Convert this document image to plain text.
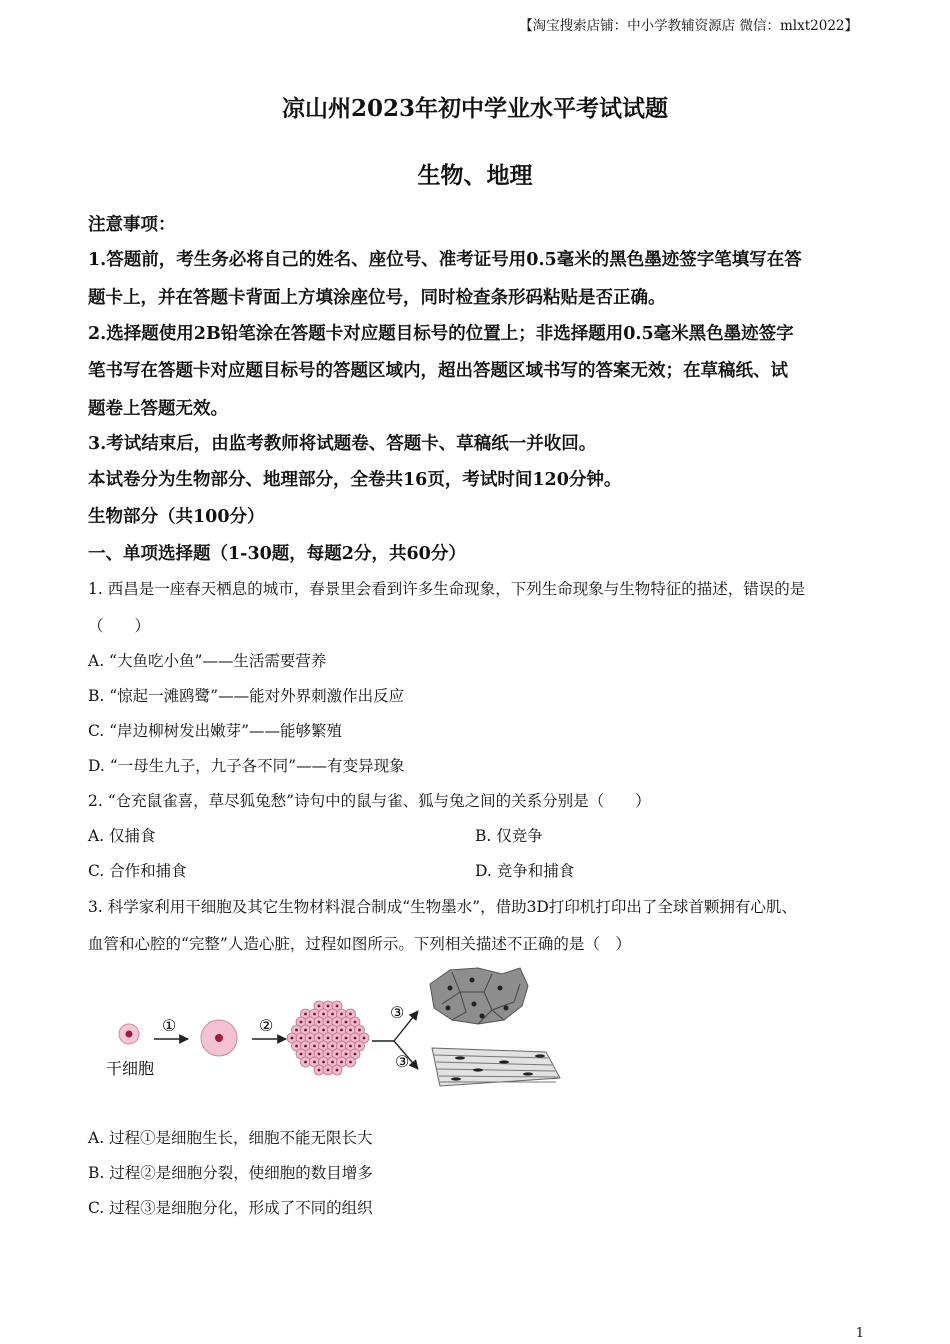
【淘宝搜索店铺：中小学教辅资源店 微信：mlxt2022】
凉山州2023年初中学业水平考试试题
生物、地理
注意事项：
1.答题前，考生务必将自己的姓名、座位号、准考证号用0.5毫米的黑色墨迹签字笔填写在答
题卡上，并在答题卡背面上方填涂座位号，同时检查条形码粘贴是否正确。
2.选择题使用2B铅笔涂在答题卡对应题目标号的位置上；非选择题用0.5毫米黑色墨迹签字
笔书写在答题卡对应题目标号的答题区域内，超出答题区域书写的答案无效；在草稿纸、试
题卷上答题无效。
3.考试结束后，由监考教师将试题卷、答题卡、草稿纸一并收回。
本试卷分为生物部分、地理部分，全卷共16页，考试时间120分钟。
生物部分（共100分）
一、单项选择题（1-30题，每题2分，共60分）
1. 西昌是一座春天栖息的城市，春景里会看到许多生命现象，下列生命现象与生物特征的描述，错误的是
（　　）
A. “大鱼吃小鱼”——生活需要营养
B. “惊起一滩鸥鹭”——能对外界刺激作出反应
C. “岸边柳树发出嫩芽”——能够繁殖
D. “一母生九子，九子各不同”——有变异现象
2. “仓充鼠雀喜，草尽狐兔愁”诗句中的鼠与雀、狐与兔之间的关系分别是（　　）
A. 仅捕食	B. 仅竞争
C. 合作和捕食	D. 竞争和捕食
3. 科学家利用干细胞及其它生物材料混合制成“生物墨水”，借助3D打印机打印出了全球首颗拥有心肌、
血管和心腔的“完整”人造心脏，过程如图所示。下列相关描述不正确的是（　）
干细胞
①	②
③
③
A. 过程①是细胞生长，细胞不能无限长大
B. 过程②是细胞分裂，使细胞的数目增多
C. 过程③是细胞分化，形成了不同的组织
1
